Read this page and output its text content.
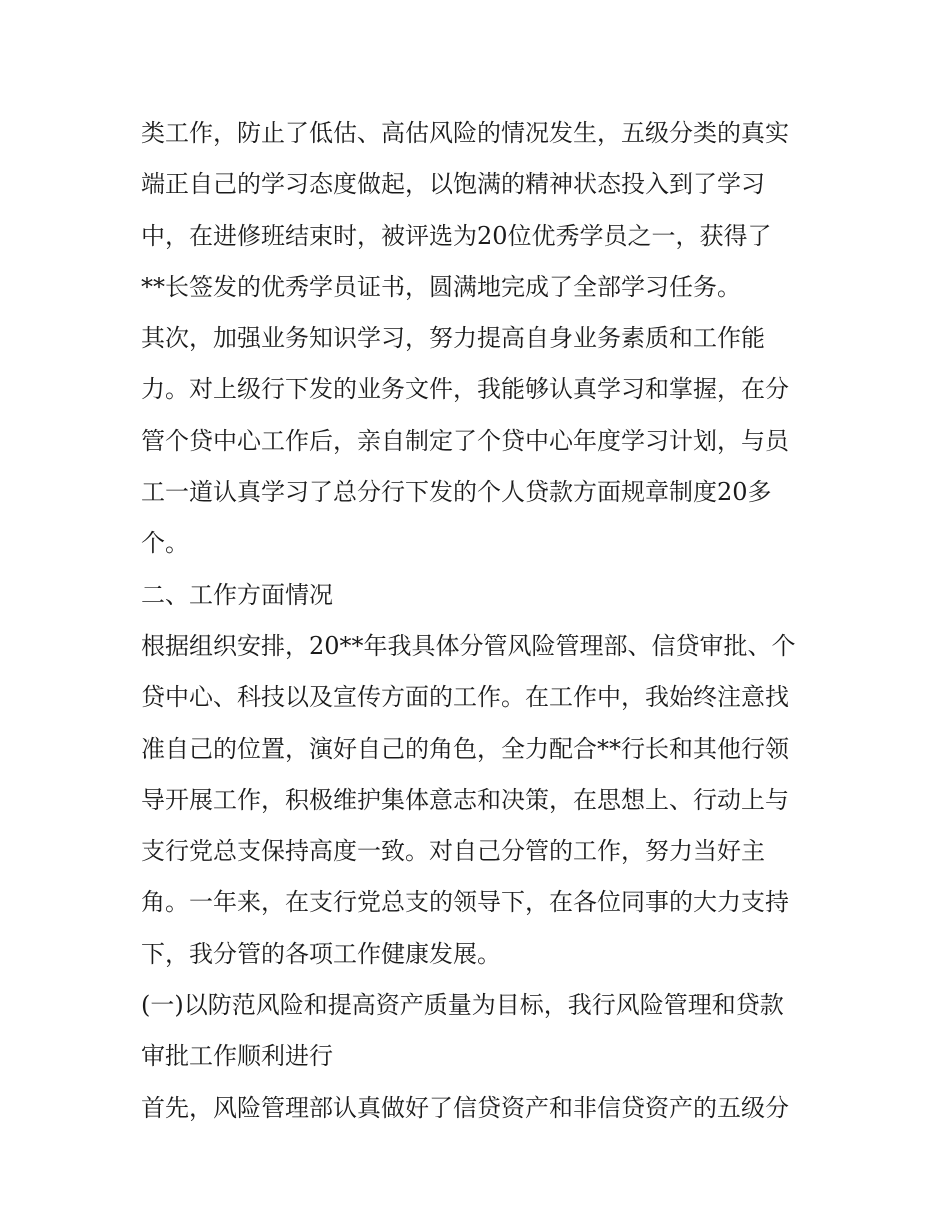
类工作，防止了低估、高估风险的情况发生，五级分类的真实
端正自己的学习态度做起，以饱满的精神状态投入到了学习
中，在进修班结束时，被评选为20位优秀学员之一，获得了
**长签发的优秀学员证书，圆满地完成了全部学习任务。
其次，加强业务知识学习，努力提高自身业务素质和工作能
力。对上级行下发的业务文件，我能够认真学习和掌握，在分
管个贷中心工作后，亲自制定了个贷中心年度学习计划，与员
工一道认真学习了总分行下发的个人贷款方面规章制度20多
个。
二、工作方面情况
根据组织安排，20**年我具体分管风险管理部、信贷审批、个
贷中心、科技以及宣传方面的工作。在工作中，我始终注意找
准自己的位置，演好自己的角色，全力配合**行长和其他行领
导开展工作，积极维护集体意志和决策，在思想上、行动上与
支行党总支保持高度一致。对自己分管的工作，努力当好主
角。一年来，在支行党总支的领导下，在各位同事的大力支持
下，我分管的各项工作健康发展。
(一)以防范风险和提高资产质量为目标，我行风险管理和贷款
审批工作顺利进行
首先，风险管理部认真做好了信贷资产和非信贷资产的五级分
